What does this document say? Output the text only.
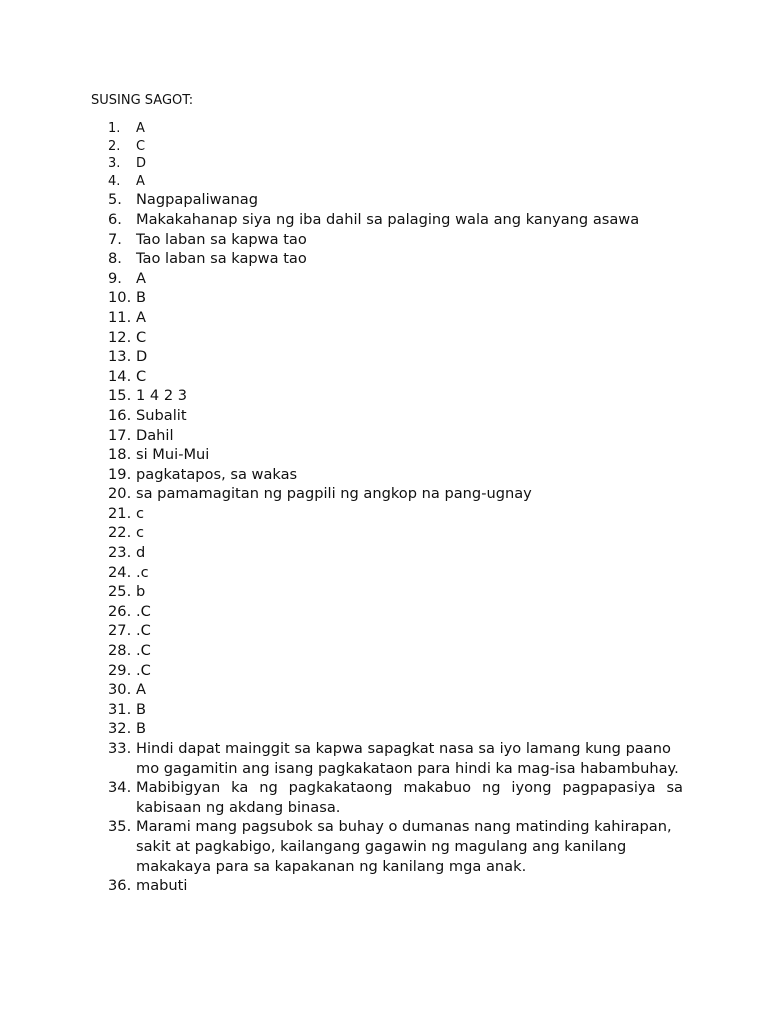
SUSING SAGOT:
1. A
2. C
3. D
4. A
5. Nagpapaliwanag
6. Makakahanap siya ng iba dahil sa palaging wala ang kanyang asawa
7. Tao laban sa kapwa tao
8. Tao laban sa kapwa tao
9. A
10. B
11. A
12. C
13. D
14. C
15. 1 4 2 3
16. Subalit
17. Dahil
18. si Mui-Mui
19. pagkatapos, sa wakas
20. sa pamamagitan ng pagpili ng angkop na pang-ugnay
21. c
22. c
23. d
24. .c
25. b
26. .C
27. .C
28. .C
29. .C
30. A
31. B
32. B
33. Hindi dapat mainggit sa kapwa sapagkat nasa sa iyo lamang kung paano mo gagamitin ang isang pagkakataon para hindi ka mag-isa habambuhay.
34. Mabibigyan ka ng pagkakataong makabuo ng iyong pagpapasiya sa kabisaan ng akdang binasa.
35. Marami mang pagsubok sa buhay o dumanas nang matinding kahirapan, sakit at pagkabigo, kailangang gagawin ng magulang ang kanilang makakaya para sa kapakanan ng kanilang mga anak.
36. mabuti
